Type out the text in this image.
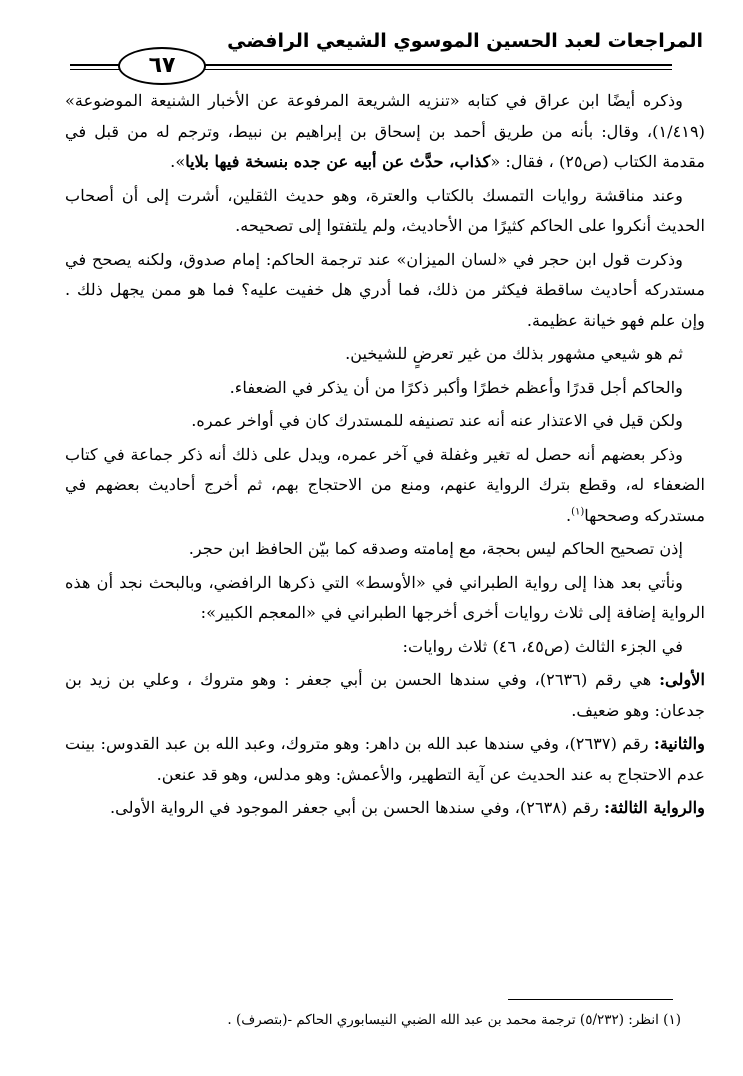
المراجعات لعبد الحسين الموسوي الشيعي الرافضي
٦٧

وذكره أيضًا ابن عراق في كتابه «تنزيه الشريعة المرفوعة عن الأخبار الشنيعة الموضوعة» (١/٤١٩)، وقال: بأنه من طريق أحمد بن إسحاق بن إبراهيم بن نبيط، وترجم له من قبل في مقدمة الكتاب (ص٢٥) ، فقال: «كذاب، حدَّث عن أبيه عن جده بنسخة فيها بلايا».

وعند مناقشة روايات التمسك بالكتاب والعترة، وهو حديث الثقلين، أشرت إلى أن أصحاب الحديث أنكروا على الحاكم كثيرًا من الأحاديث، ولم يلتفتوا إلى تصحيحه.

وذكرت قول ابن حجر في «لسان الميزان» عند ترجمة الحاكم: إمام صدوق، ولكنه يصحح في مستدركه أحاديث ساقطة فيكثر من ذلك، فما أدري هل خفيت عليه؟ فما هو ممن يجهل ذلك . وإن علم فهو خيانة عظيمة.

ثم هو شيعي مشهور بذلك من غير تعرضٍ للشيخين.

والحاكم أجل قدرًا وأعظم خطرًا وأكبر ذكرًا من أن يذكر في الضعفاء.

ولكن قيل في الاعتذار عنه أنه عند تصنيفه للمستدرك كان في أواخر عمره.

وذكر بعضهم أنه حصل له تغير وغفلة في آخر عمره، ويدل على ذلك أنه ذكر جماعة في كتاب الضعفاء له، وقطع بترك الرواية عنهم، ومنع من الاحتجاج بهم، ثم أخرج أحاديث بعضهم في مستدركه وصححها$^{(١)}$.

إذن تصحيح الحاكم ليس بحجة، مع إمامته وصدقه كما بيّن الحافظ ابن حجر.

ونأتي بعد هذا إلى رواية الطبراني في «الأوسط» التي ذكرها الرافضي، وبالبحث نجد أن هذه الرواية إضافة إلى ثلاث روايات أخرى أخرجها الطبراني في «المعجم الكبير»:

في الجزء الثالث (ص٤٥، ٤٦) ثلاث روايات:

الأولى: هي رقم (٢٦٣٦)، وفي سندها الحسن بن أبي جعفر : وهو متروك ، وعلي بن زيد بن جدعان: وهو ضعيف.

والثانية: رقم (٢٦٣٧)، وفي سندها عبد الله بن داهر: وهو متروك، وعبد الله بن عبد القدوس: بينت عدم الاحتجاج به عند الحديث عن آية التطهير، والأعمش: وهو مدلس، وهو قد عنعن.

والرواية الثالثة: رقم (٢٦٣٨)، وفي سندها الحسن بن أبي جعفر الموجود في الرواية الأولى.

(١) انظر: (٥/٢٣٢) ترجمة محمد بن عبد الله الضبي النيسابوري الحاكم -(بتصرف) .
